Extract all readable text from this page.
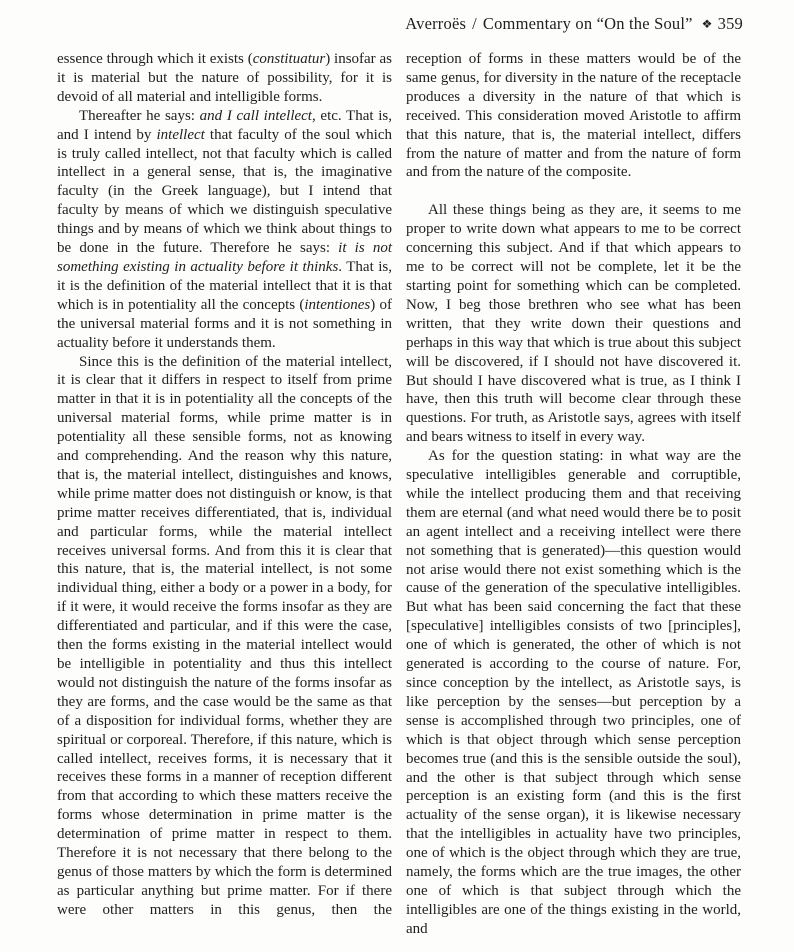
Averroës / Commentary on “On the Soul” ❖ 359

essence through which it exists (constituatur) insofar as it is material but the nature of possibility, for it is devoid of all material and intelligible forms.

Thereafter he says: and I call intellect, etc. That is, and I intend by intellect that faculty of the soul which is truly called intellect, not that faculty which is called intellect in a general sense, that is, the imaginative faculty (in the Greek language), but I intend that faculty by means of which we distinguish speculative things and by means of which we think about things to be done in the future. Therefore he says: it is not something existing in actuality before it thinks. That is, it is the definition of the material intellect that it is that which is in potentiality all the concepts (intentiones) of the universal material forms and it is not something in actuality before it understands them.

Since this is the definition of the material intellect, it is clear that it differs in respect to itself from prime matter in that it is in potentiality all the concepts of the universal material forms, while prime matter is in potentiality all these sensible forms, not as knowing and comprehending. And the reason why this nature, that is, the material intellect, distinguishes and knows, while prime matter does not distinguish or know, is that prime matter receives differentiated, that is, individual and particular forms, while the material intellect receives universal forms. And from this it is clear that this nature, that is, the material intellect, is not some individual thing, either a body or a power in a body, for if it were, it would receive the forms insofar as they are differentiated and particular, and if this were the case, then the forms existing in the material intellect would be intelligible in potentiality and thus this intellect would not distinguish the nature of the forms insofar as they are forms, and the case would be the same as that of a disposition for individual forms, whether they are spiritual or corporeal. Therefore, if this nature, which is called intellect, receives forms, it is necessary that it receives these forms in a manner of reception different from that according to which these matters receive the forms whose determination in prime matter is the determination of prime matter in respect to them. Therefore it is not necessary that there belong to the genus of those matters by which the form is determined as particular anything but prime matter. For if there were other matters in this genus, then the

reception of forms in these matters would be of the same genus, for diversity in the nature of the receptacle produces a diversity in the nature of that which is received. This consideration moved Aristotle to affirm that this nature, that is, the material intellect, differs from the nature of matter and from the nature of form and from the nature of the composite.

All these things being as they are, it seems to me proper to write down what appears to me to be correct concerning this subject. And if that which appears to me to be correct will not be complete, let it be the starting point for something which can be completed. Now, I beg those brethren who see what has been written, that they write down their questions and perhaps in this way that which is true about this subject will be discovered, if I should not have discovered it. But should I have discovered what is true, as I think I have, then this truth will become clear through these questions. For truth, as Aristotle says, agrees with itself and bears witness to itself in every way.

As for the question stating: in what way are the speculative intelligibles generable and corruptible, while the intellect producing them and that receiving them are eternal (and what need would there be to posit an agent intellect and a receiving intellect were there not something that is generated)—this question would not arise would there not exist something which is the cause of the generation of the speculative intelligibles. But what has been said concerning the fact that these [speculative] intelligibles consists of two [principles], one of which is generated, the other of which is not generated is according to the course of nature. For, since conception by the intellect, as Aristotle says, is like perception by the senses—but perception by a sense is accomplished through two principles, one of which is that object through which sense perception becomes true (and this is the sensible outside the soul), and the other is that subject through which sense perception is an existing form (and this is the first actuality of the sense organ), it is likewise necessary that the intelligibles in actuality have two principles, one of which is the object through which they are true, namely, the forms which are the true images, the other one of which is that subject through which the intelligibles are one of the things existing in the world, and
